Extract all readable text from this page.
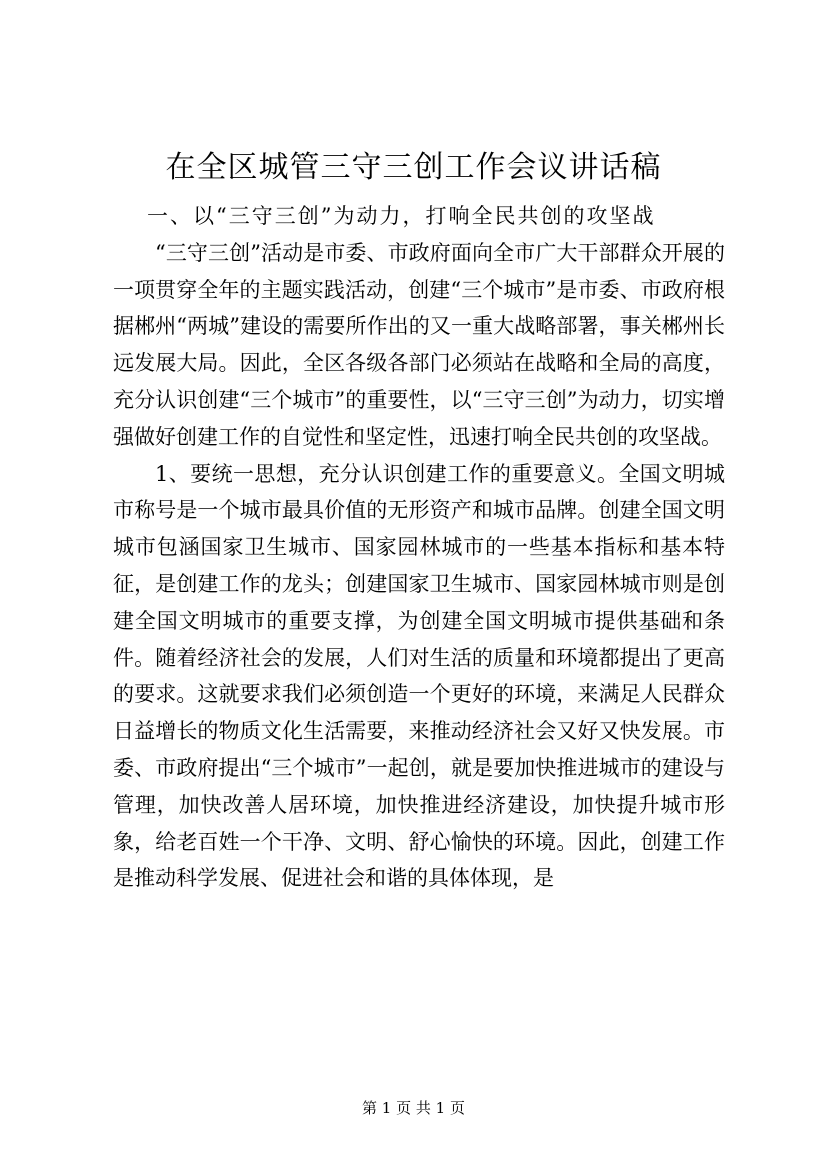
在全区城管三守三创工作会议讲话稿

一、以“三守三创”为动力，打响全民共创的攻坚战

“三守三创”活动是市委、市政府面向全市广大干部群众开展的一项贯穿全年的主题实践活动，创建“三个城市”是市委、市政府根据郴州“两城”建设的需要所作出的又一重大战略部署，事关郴州长远发展大局。因此，全区各级各部门必须站在战略和全局的高度，充分认识创建“三个城市”的重要性，以“三守三创”为动力，切实增强做好创建工作的自觉性和坚定性，迅速打响全民共创的攻坚战。

1、要统一思想，充分认识创建工作的重要意义。全国文明城市称号是一个城市最具价值的无形资产和城市品牌。创建全国文明城市包涵国家卫生城市、国家园林城市的一些基本指标和基本特征，是创建工作的龙头；创建国家卫生城市、国家园林城市则是创建全国文明城市的重要支撑，为创建全国文明城市提供基础和条件。随着经济社会的发展，人们对生活的质量和环境都提出了更高的要求。这就要求我们必须创造一个更好的环境，来满足人民群众日益增长的物质文化生活需要，来推动经济社会又好又快发展。市委、市政府提出“三个城市”一起创，就是要加快推进城市的建设与管理，加快改善人居环境，加快推进经济建设，加快提升城市形象，给老百姓一个干净、文明、舒心愉快的环境。因此，创建工作是推动科学发展、促进社会和谐的具体体现，是

第 1 页 共 1 页
